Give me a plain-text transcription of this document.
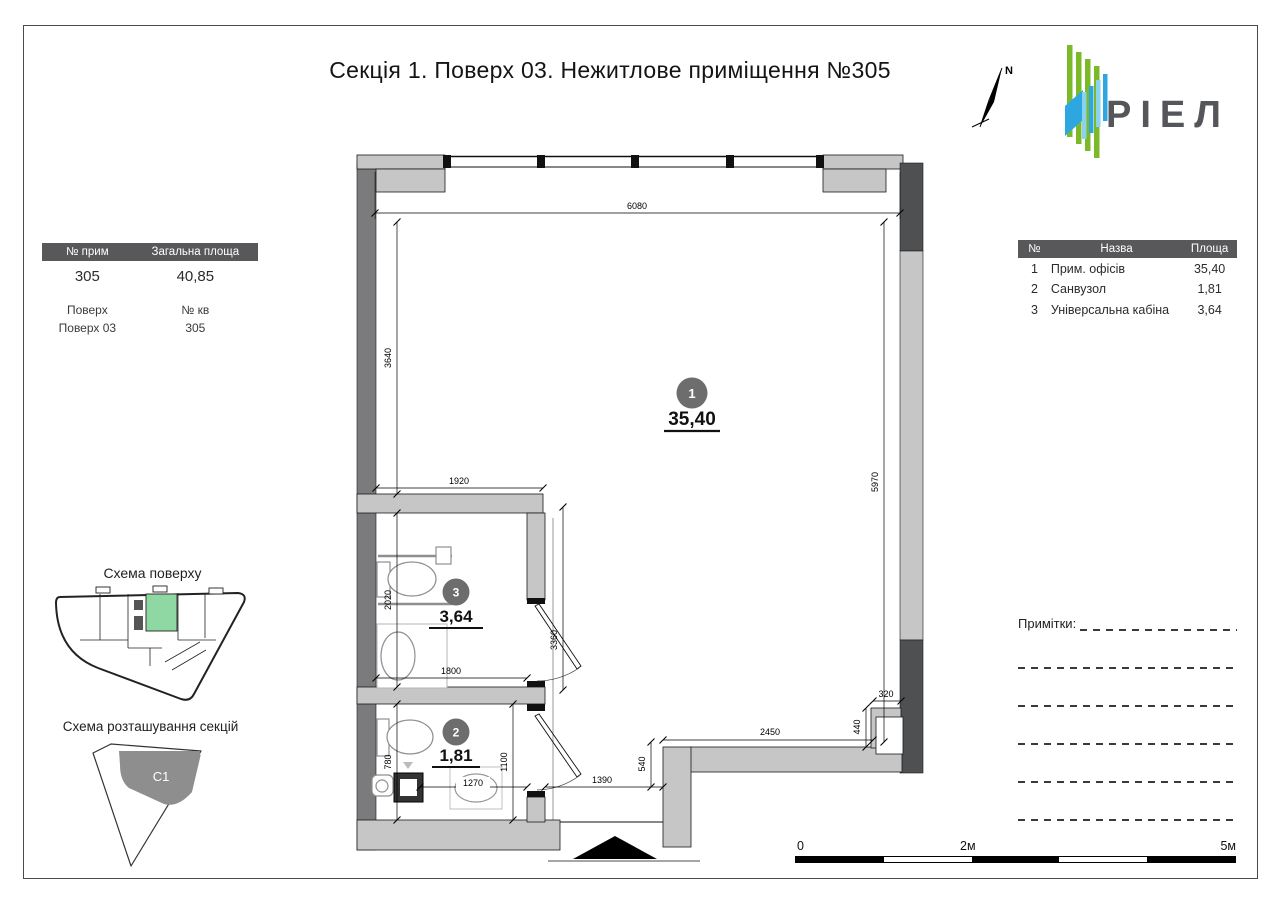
Секція 1. Поверх 03. Нежитлове приміщення №305	N
РІЕЛ
№ прим	Загальна площа
305	40,85
Поверх	№ кв
Поверх 03	305
№	Назва	Площа
1	Прим. офісів	35,40
2	Санвузол	1,81
3	Універсальна кабіна	3,64
6080
3640
5970
1920
2020
3360
1800
780	1100
1270	1390
540
2450	440
320
1
35,40
3
3,64
2
1,81
Схема поверху
Схема розташування секцій
C1
Примітки:
0	2м	5м
